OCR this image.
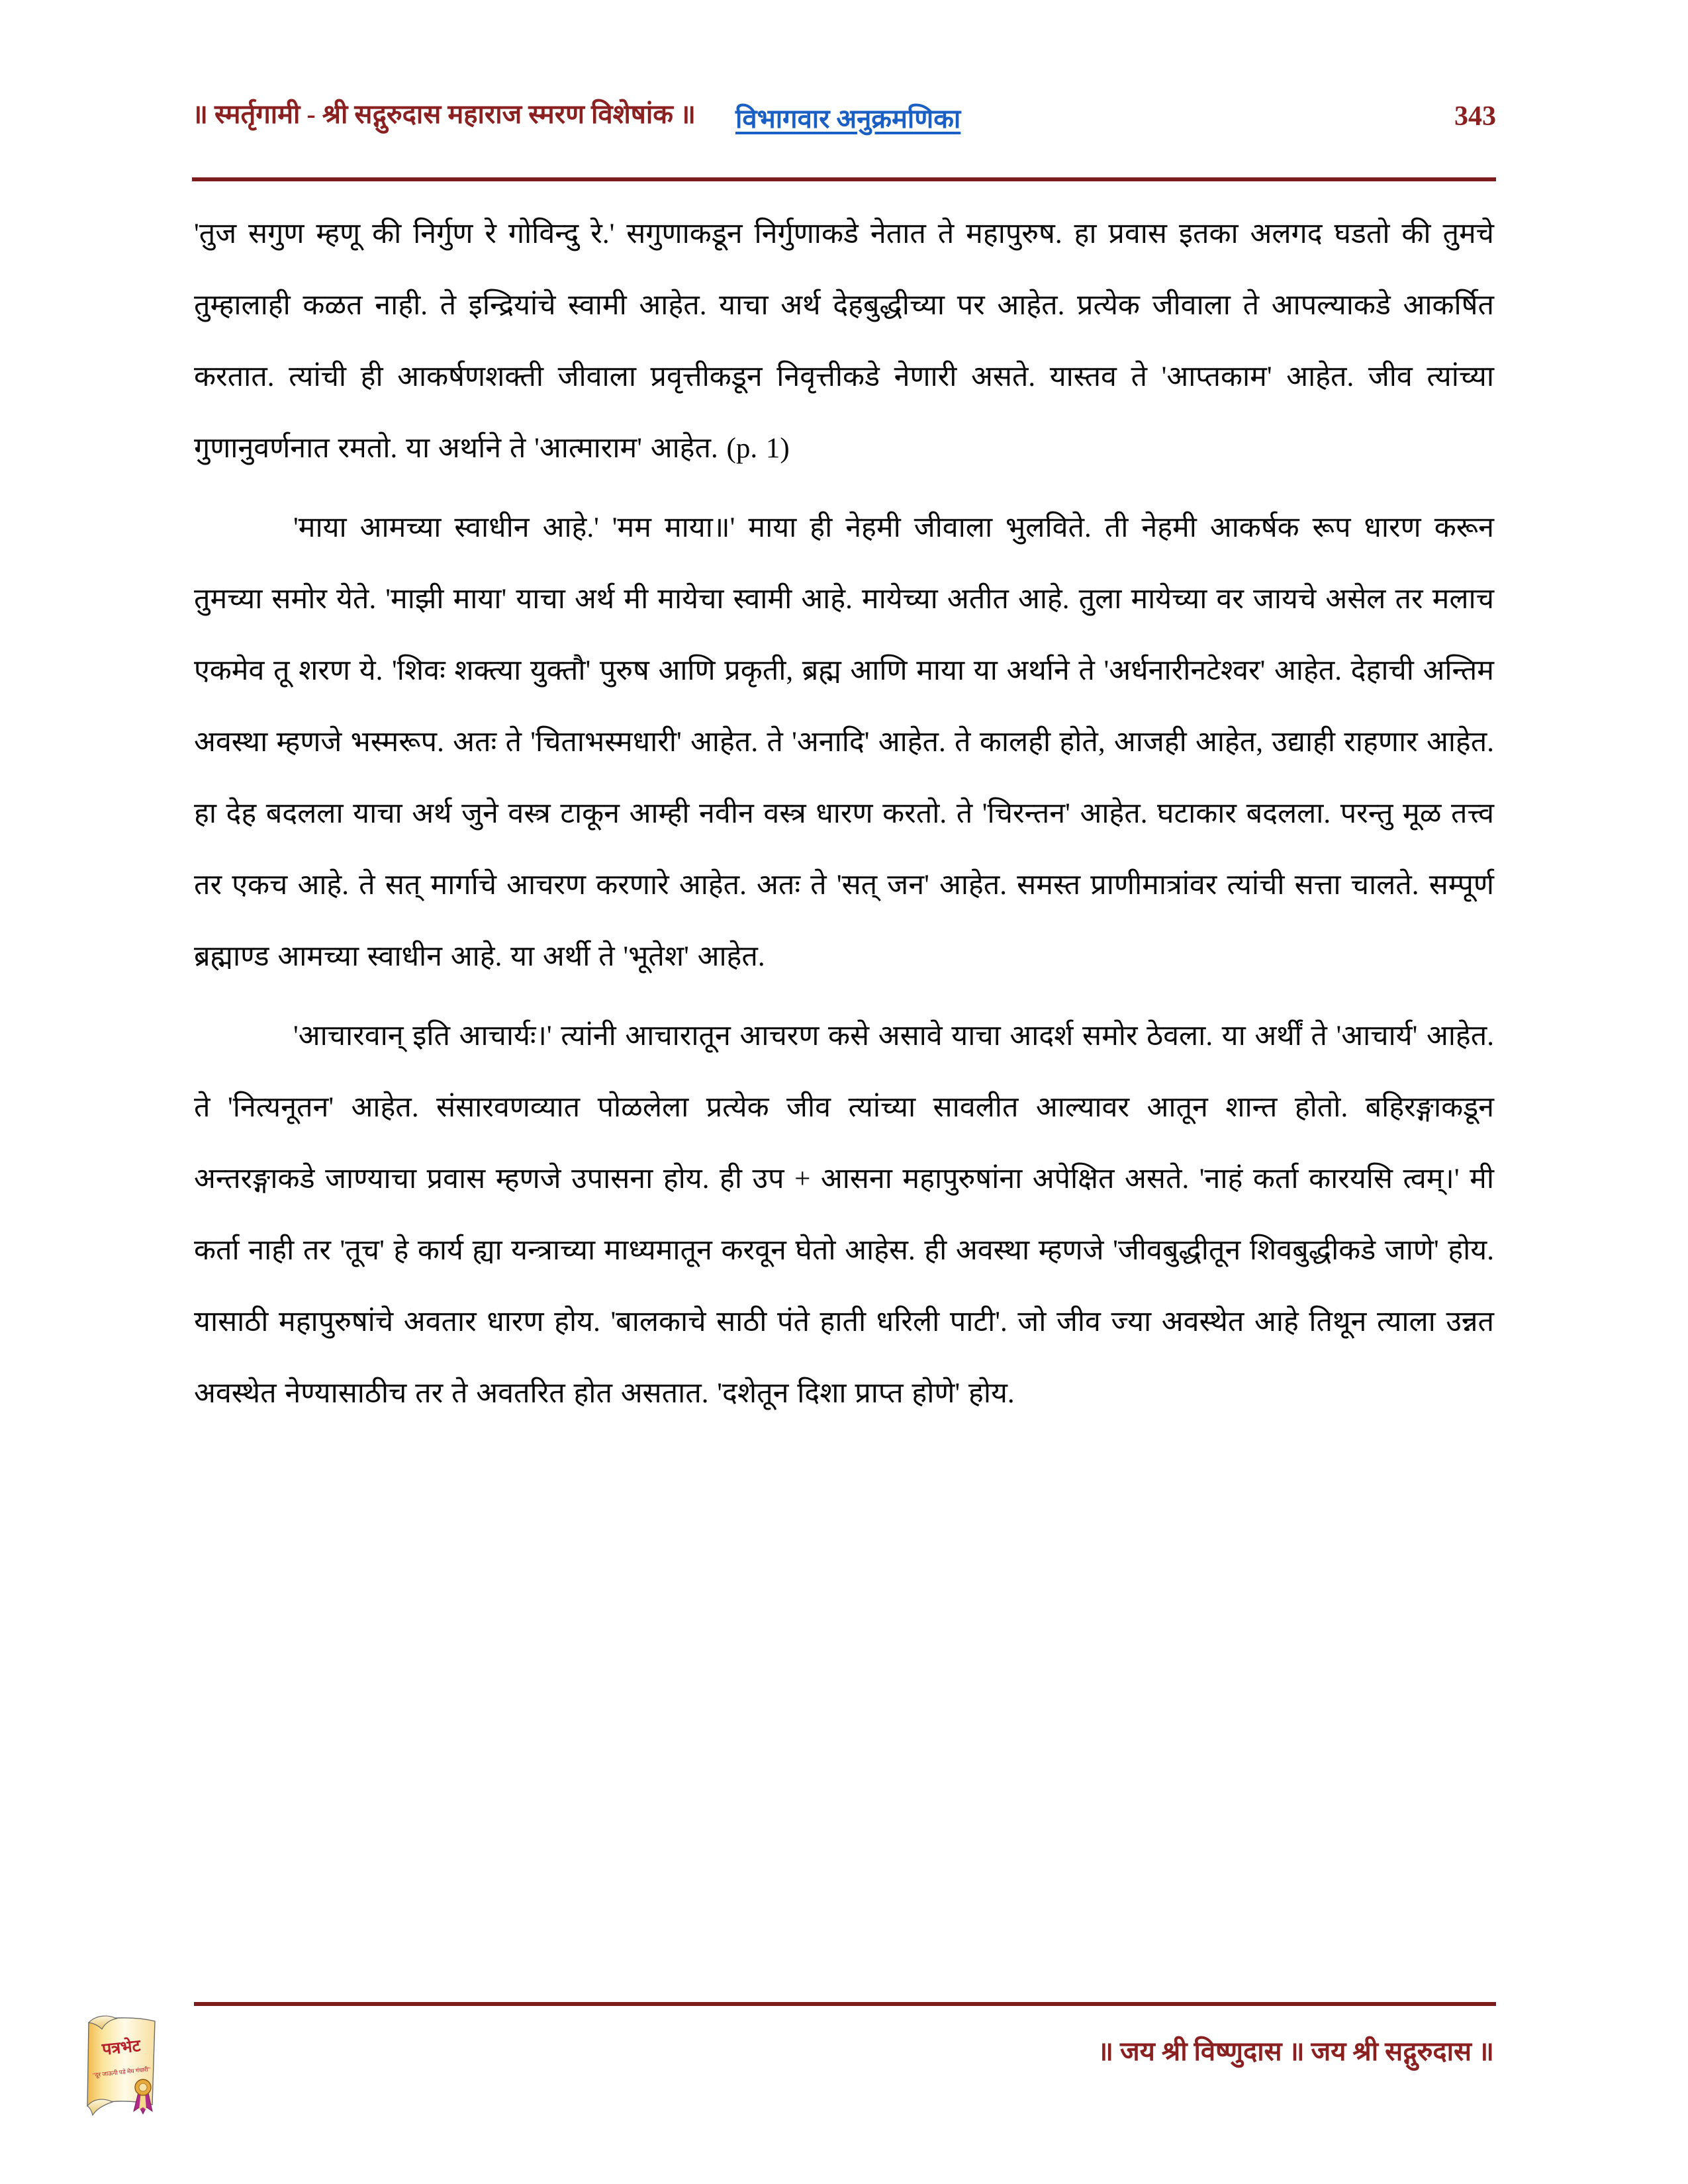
॥ स्मर्तृगामी - श्री सद्गुरुदास महाराज स्मरण विशेषांक ॥ विभागवार अनुक्रमणिका	343

'तुज सगुण म्हणू की निर्गुण रे गोविन्दु रे.' सगुणाकडून निर्गुणाकडे नेतात ते महापुरुष. हा प्रवास इतका अलगद घडतो की तुमचे तुम्हालाही कळत नाही. ते इन्द्रियांचे स्वामी आहेत. याचा अर्थ देहबुद्धीच्या पर आहेत. प्रत्येक जीवाला ते आपल्याकडे आकर्षित करतात. त्यांची ही आकर्षणशक्ती जीवाला प्रवृत्तीकडून निवृत्तीकडे नेणारी असते. यास्तव ते 'आप्तकाम' आहेत. जीव त्यांच्या गुणानुवर्णनात रमतो. या अर्थाने ते 'आत्माराम' आहेत. (p. 1)

'माया आमच्या स्वाधीन आहे.' 'मम माया॥' माया ही नेहमी जीवाला भुलविते. ती नेहमी आकर्षक रूप धारण करून तुमच्या समोर येते. 'माझी माया' याचा अर्थ मी मायेचा स्वामी आहे. मायेच्या अतीत आहे. तुला मायेच्या वर जायचे असेल तर मलाच एकमेव तू शरण ये. 'शिवः शक्त्या युक्तौ' पुरुष आणि प्रकृती, ब्रह्म आणि माया या अर्थाने ते 'अर्धनारीनटेश्वर' आहेत. देहाची अन्तिम अवस्था म्हणजे भस्मरूप. अतः ते 'चिताभस्मधारी' आहेत. ते 'अनादि' आहेत. ते कालही होते, आजही आहेत, उद्याही राहणार आहेत. हा देह बदलला याचा अर्थ जुने वस्त्र टाकून आम्ही नवीन वस्त्र धारण करतो. ते 'चिरन्तन' आहेत. घटाकार बदलला. परन्तु मूळ तत्त्व तर एकच आहे. ते सत् मार्गाचे आचरण करणारे आहेत. अतः ते 'सत् जन' आहेत. समस्त प्राणीमात्रांवर त्यांची सत्ता चालते. सम्पूर्ण ब्रह्माण्ड आमच्या स्वाधीन आहे. या अर्थी ते 'भूतेश' आहेत.

'आचारवान् इति आचार्यः।' त्यांनी आचारातून आचरण कसे असावे याचा आदर्श समोर ठेवला. या अर्थीं ते 'आचार्य' आहेत. ते 'नित्यनूतन' आहेत. संसारवणव्यात पोळलेला प्रत्येक जीव त्यांच्या सावलीत आल्यावर आतून शान्त होतो. बहिरङ्गाकडून अन्तरङ्गाकडे जाण्याचा प्रवास म्हणजे उपासना होय. ही उप + आसना महापुरुषांना अपेक्षित असते. 'नाहं कर्ता कारयसि त्वम्।' मी कर्ता नाही तर 'तूच' हे कार्य ह्या यन्त्राच्या माध्यमातून करवून घेतो आहेस. ही अवस्था म्हणजे 'जीवबुद्धीतून शिवबुद्धीकडे जाणे' होय. यासाठी महापुरुषांचे अवतार धारण होय. 'बालकाचे साठी पंते हाती धरिली पाटी'. जो जीव ज्या अवस्थेत आहे तिथून त्याला उन्नत अवस्थेत नेण्यासाठीच तर ते अवतरित होत असतात. 'दशेतून दिशा प्राप्त होणे' होय.

॥ जय श्री विष्णुदास ॥ जय श्री सद्गुरुदास ॥
पत्रभेट
"दूर जाऊनी पडे मेघ गंधारी"
